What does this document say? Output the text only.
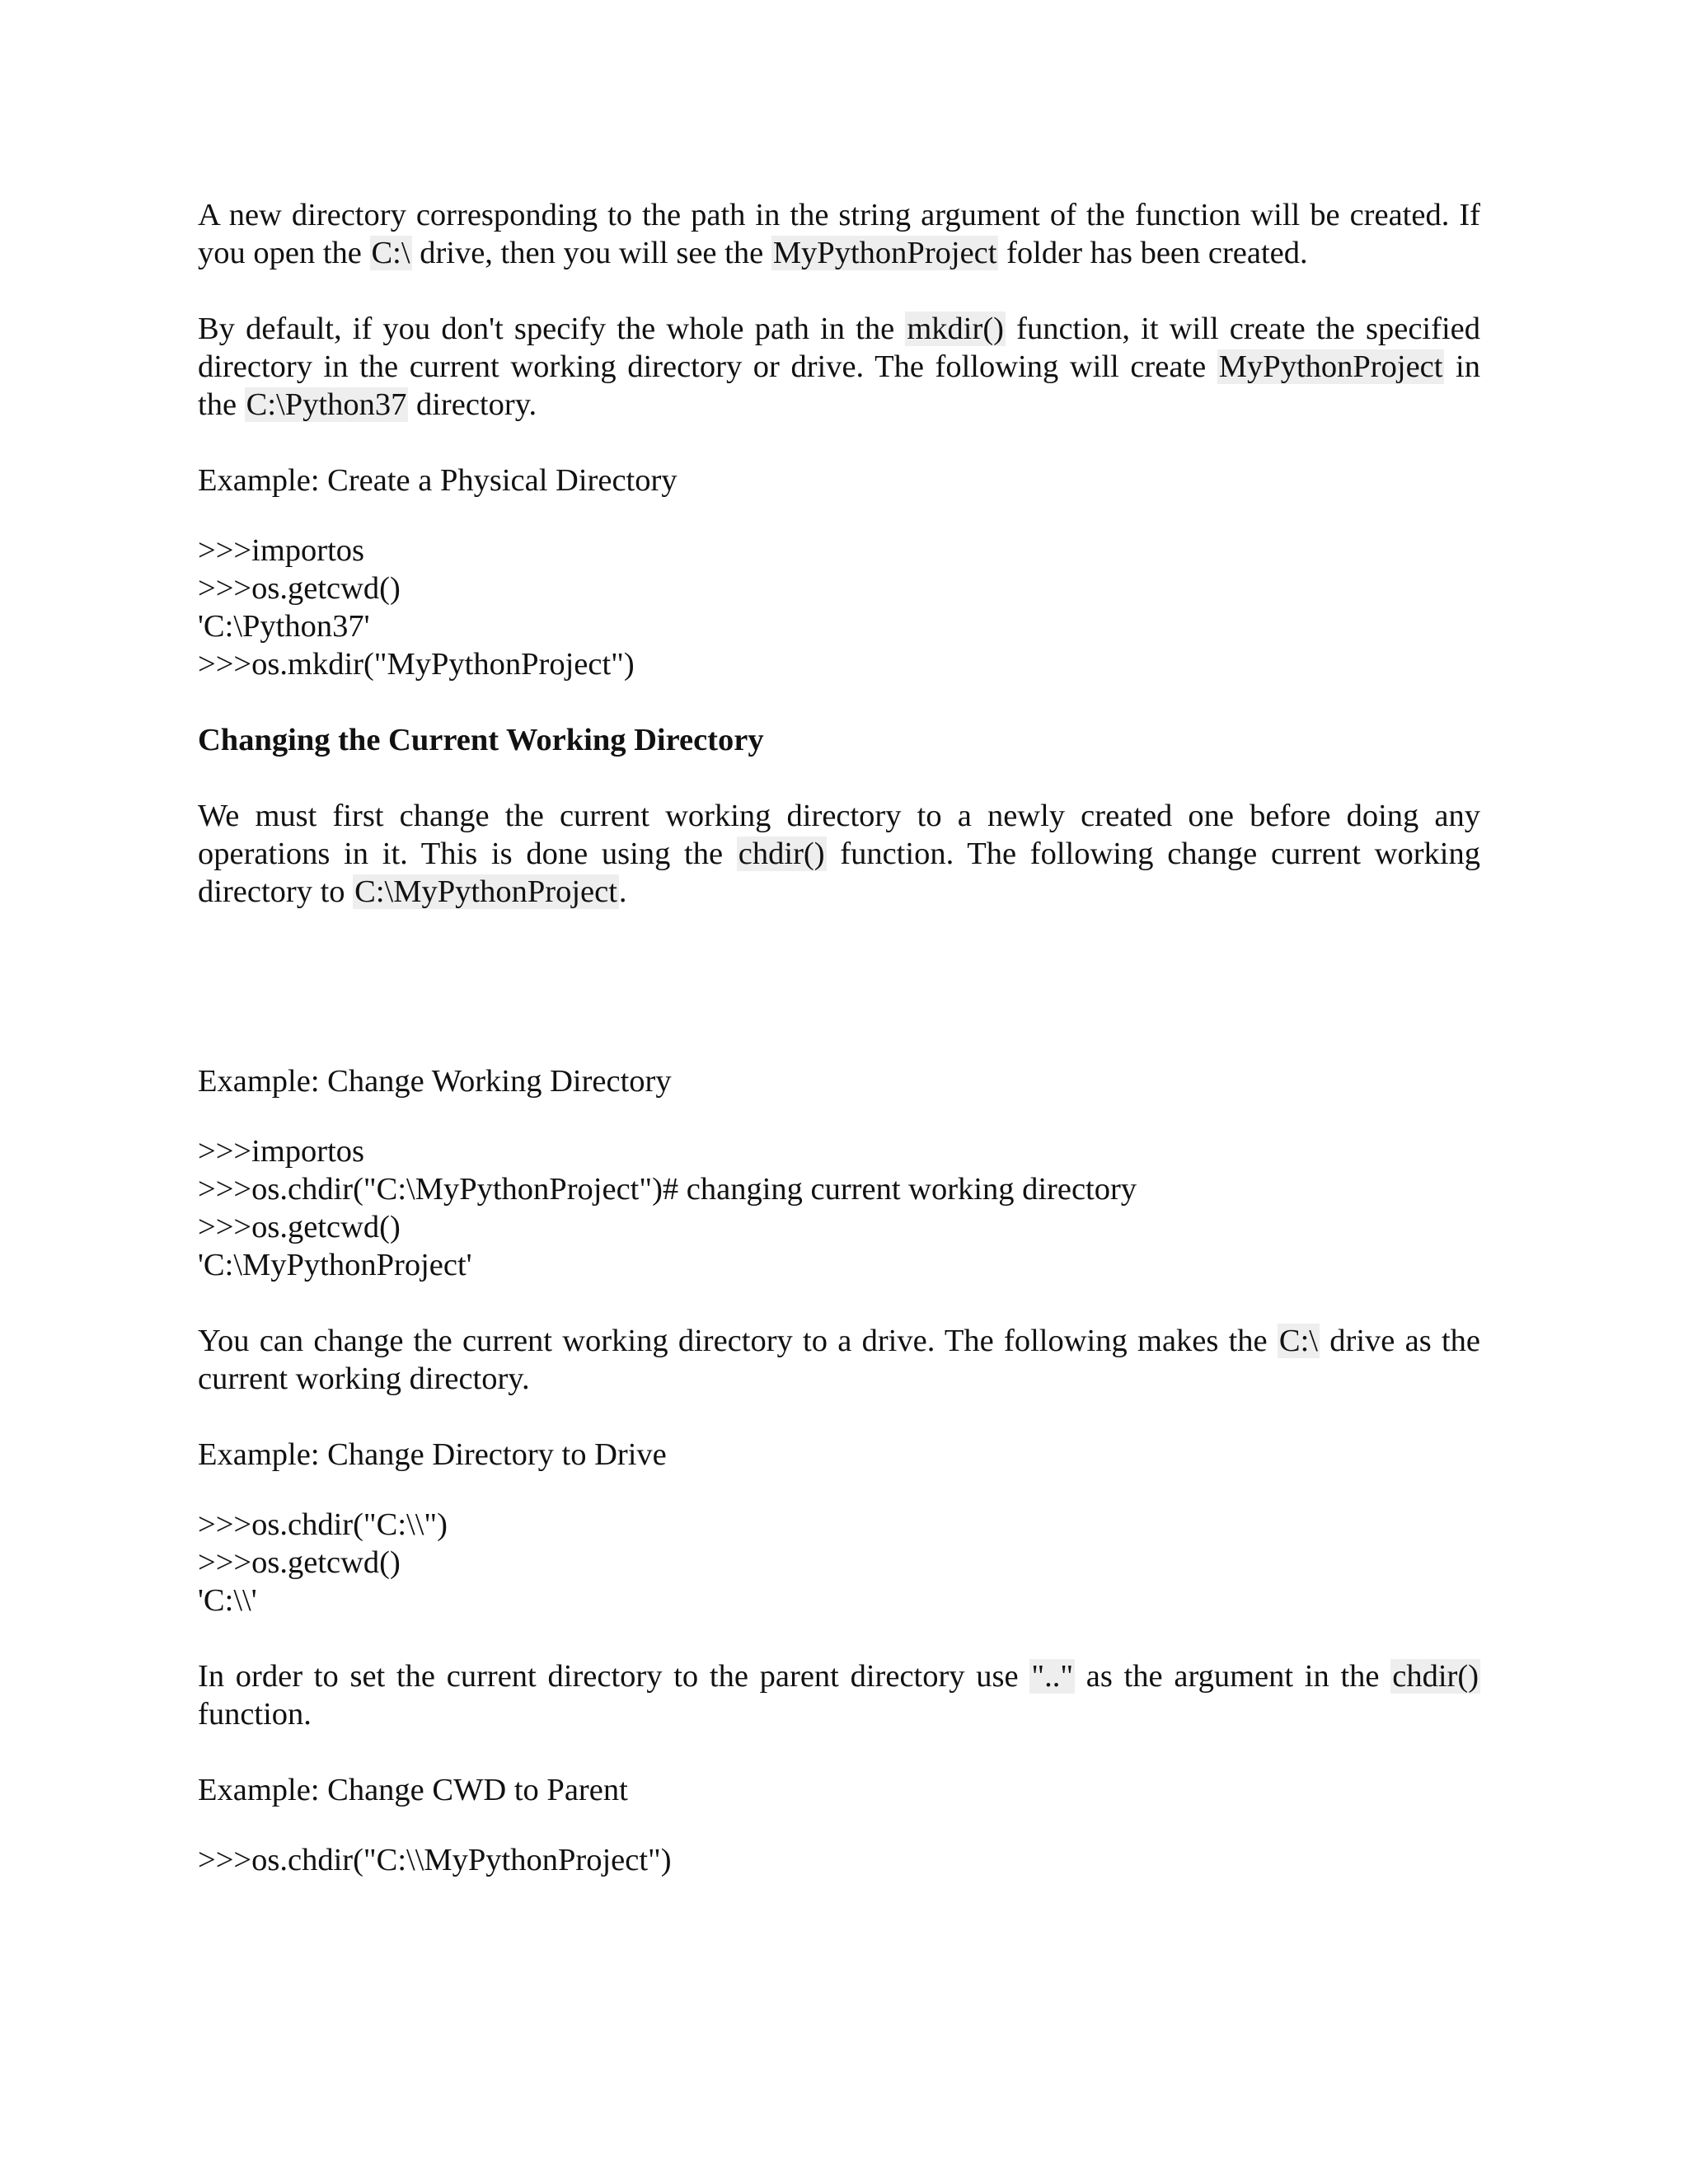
A new directory corresponding to the path in the string argument of the function will be created. If you open the C:\ drive, then you will see the MyPythonProject folder has been created.

By default, if you don't specify the whole path in the mkdir() function, it will create the specified directory in the current working directory or drive. The following will create MyPythonProject in the C:\Python37 directory.

Example: Create a Physical Directory

>>>importos
>>>os.getcwd()
'C:\Python37'
>>>os.mkdir("MyPythonProject")

Changing the Current Working Directory

We must first change the current working directory to a newly created one before doing any operations in it. This is done using the chdir() function. The following change current working directory to C:\MyPythonProject.

Example: Change Working Directory

>>>importos
>>>os.chdir("C:\MyPythonProject")# changing current working directory
>>>os.getcwd()
'C:\MyPythonProject'

You can change the current working directory to a drive. The following makes the C:\ drive as the current working directory.

Example: Change Directory to Drive

>>>os.chdir("C:\\")
>>>os.getcwd()
'C:\\'

In order to set the current directory to the parent directory use ".." as the argument in the chdir() function.

Example: Change CWD to Parent

>>>os.chdir("C:\\MyPythonProject")
